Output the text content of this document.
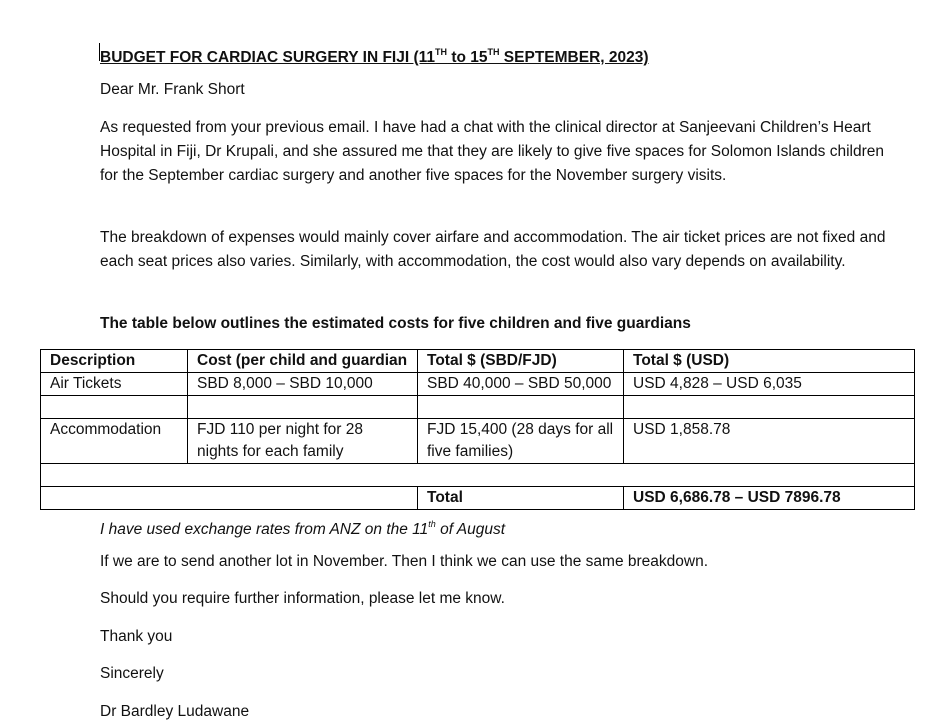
BUDGET FOR CARDIAC SURGERY IN FIJI (11TH to 15TH SEPTEMBER, 2023)
Dear Mr. Frank Short
As requested from your previous email. I have had a chat with the clinical director at Sanjeevani Children’s Heart Hospital in Fiji, Dr Krupali, and she assured me that they are likely to give five spaces for Solomon Islands children for the September cardiac surgery and another five spaces for the November surgery visits.
The breakdown of expenses would mainly cover airfare and accommodation. The air ticket prices are not fixed and each seat prices also varies. Similarly, with accommodation, the cost would also vary depends on availability.
The table below outlines the estimated costs for five children and five guardians
Description	Cost (per child and guardian	Total $ (SBD/FJD)	Total $ (USD)
Air Tickets	SBD 8,000 – SBD 10,000	SBD 40,000 – SBD 50,000	USD 4,828 – USD 6,035

Accommodation	FJD 110 per night for 28 nights for each family	FJD 15,400 (28 days for all five families)	USD 1,858.78

		Total	USD 6,686.78 – USD 7896.78
I have used exchange rates from ANZ on the 11th of August
If we are to send another lot in November. Then I think we can use the same breakdown.
Should you require further information, please let me know.
Thank you
Sincerely
Dr Bardley Ludawane
